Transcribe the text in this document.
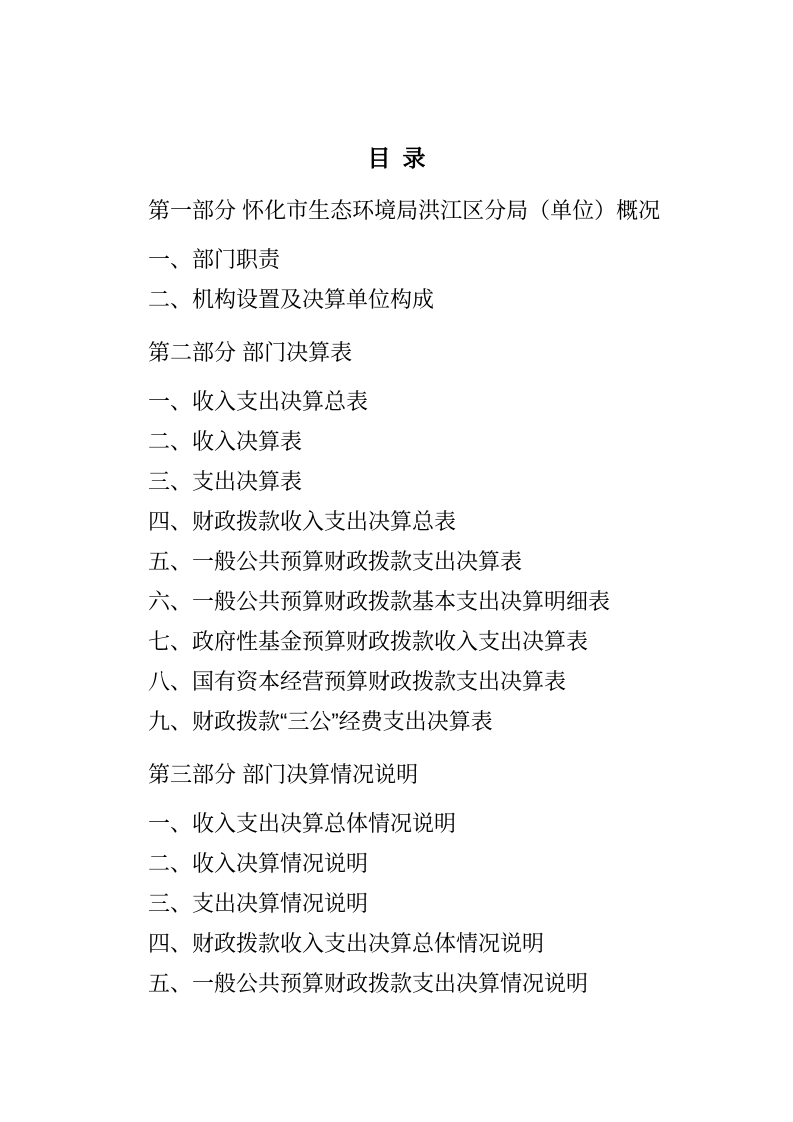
目录

第一部分 怀化市生态环境局洪江区分局（单位）概况

一、部门职责

二、机构设置及决算单位构成

第二部分 部门决算表

一、收入支出决算总表

二、收入决算表

三、支出决算表

四、财政拨款收入支出决算总表

五、一般公共预算财政拨款支出决算表

六、一般公共预算财政拨款基本支出决算明细表

七、政府性基金预算财政拨款收入支出决算表

八、国有资本经营预算财政拨款支出决算表

九、财政拨款“三公”经费支出决算表

第三部分 部门决算情况说明

一、收入支出决算总体情况说明

二、收入决算情况说明

三、支出决算情况说明

四、财政拨款收入支出决算总体情况说明

五、一般公共预算财政拨款支出决算情况说明
